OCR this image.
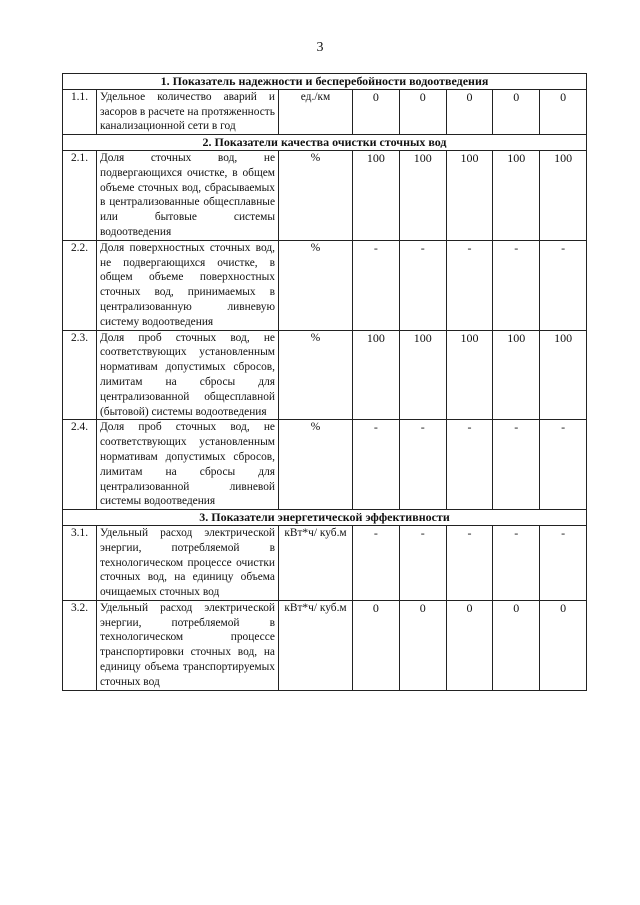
3
1. Показатель надежности и бесперебойности водоотведения							
1.1.	Удельное количество аварий и засоров в расчете на протяженность канализационной сети в год	ед./км	0	0	0	0	0
2. Показатели качества очистки сточных вод							
2.1.	Доля сточных вод, не подвергающихся очистке, в общем объеме сточных вод, сбрасываемых в централизованные общесплавные или бытовые системы водоотведения	%	100	100	100	100	100
2.2.	Доля поверхностных сточных вод, не подвергающихся очистке, в общем объеме поверхностных сточных вод, принимаемых в централизованную ливневую систему водоотведения	%	-	-	-	-	-
2.3.	Доля проб сточных вод, не соответствующих установленным нормативам допустимых сбросов, лимитам на сбросы для централизованной общесплавной (бытовой) системы водоотведения	%	100	100	100	100	100
2.4.	Доля проб сточных вод, не соответствующих установленным нормативам допустимых сбросов, лимитам на сбросы для централизованной ливневой системы водоотведения	%	-	-	-	-	-
3. Показатели энергетической эффективности							
3.1.	Удельный расход электрической энергии, потребляемой в технологическом процессе очистки сточных вод, на единицу объема очищаемых сточных вод	кВт*ч/ куб.м	-	-	-	-	-
3.2.	Удельный расход электрической энергии, потребляемой в технологическом процессе транспортировки сточных вод, на единицу объема транспортируемых сточных вод	кВт*ч/ куб.м	0	0	0	0	0
